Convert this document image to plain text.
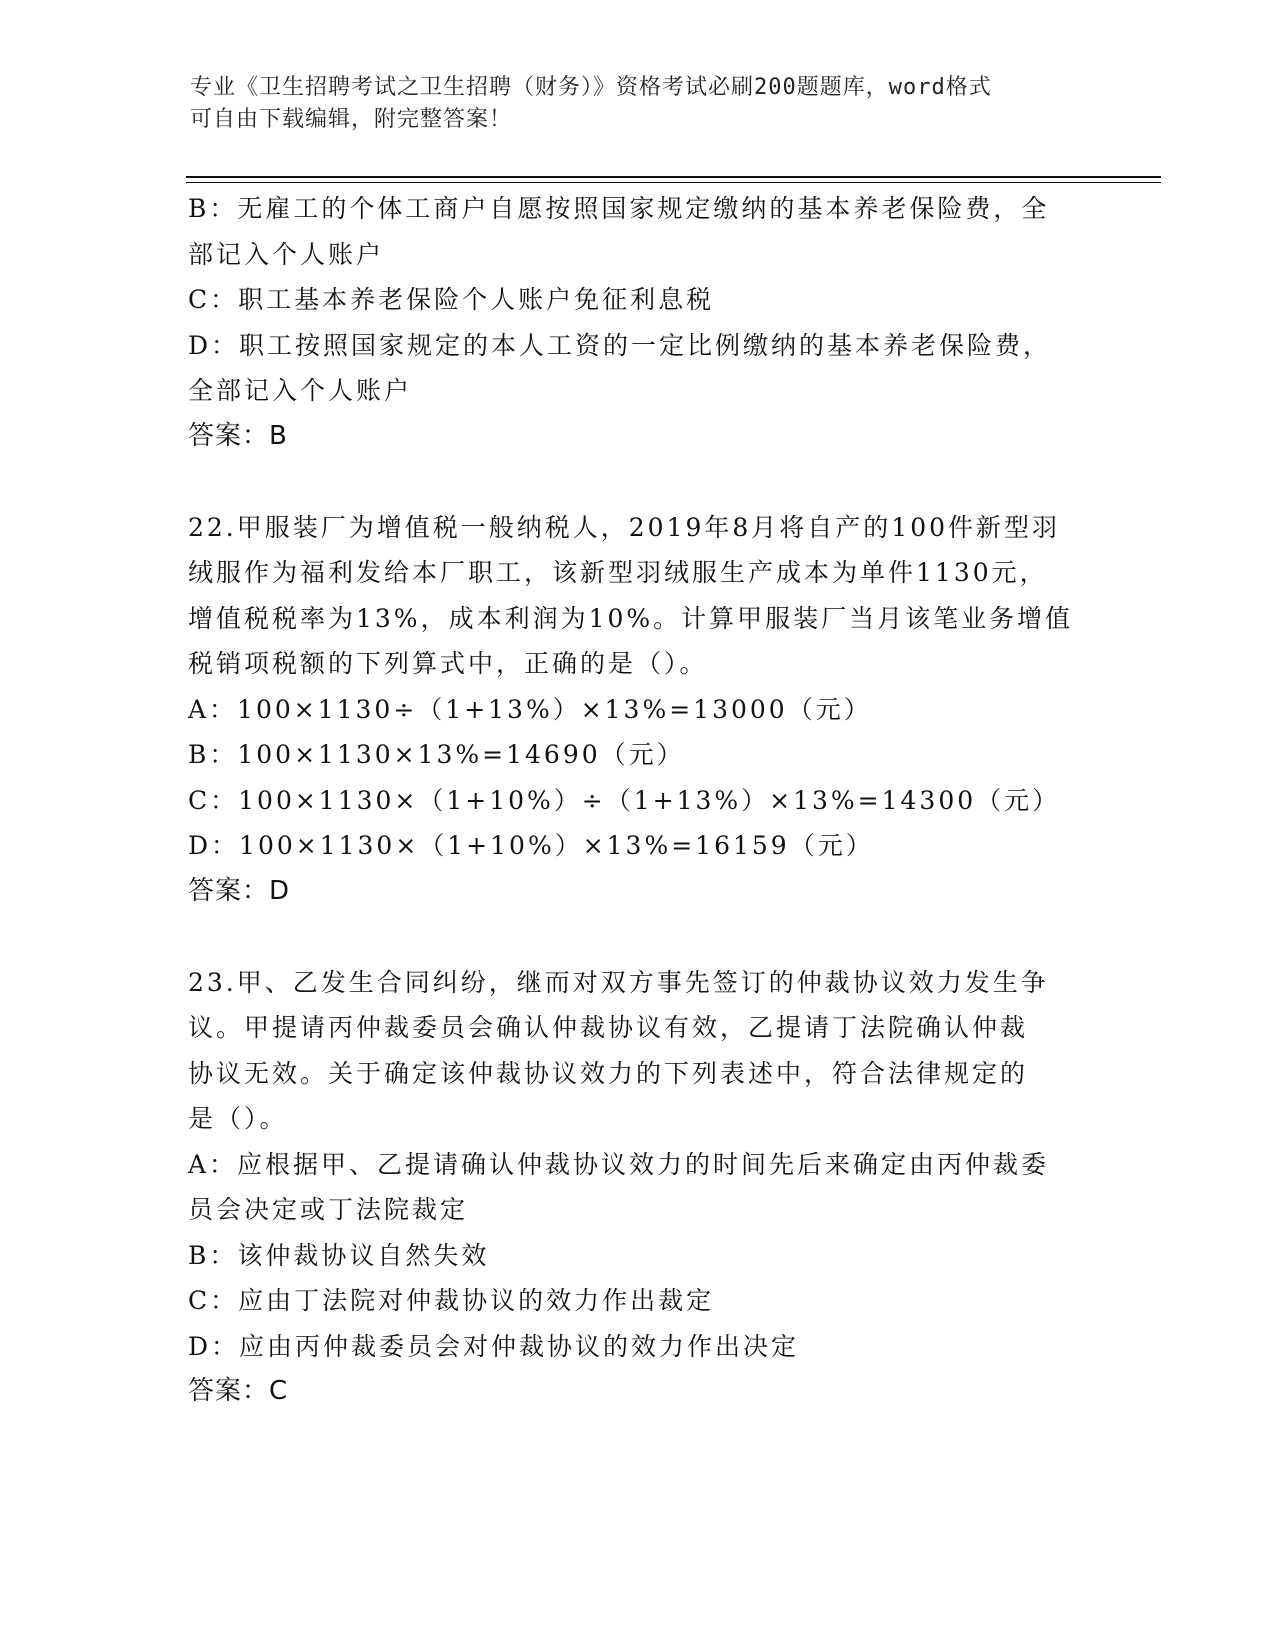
专业《卫生招聘考试之卫生招聘（财务）》资格考试必刷200题题库，word格式
可自由下载编辑，附完整答案！
B：无雇工的个体工商户自愿按照国家规定缴纳的基本养老保险费，全
部记入个人账户
C：职工基本养老保险个人账户免征利息税
D：职工按照国家规定的本人工资的一定比例缴纳的基本养老保险费，
全部记入个人账户
答案：B
22.甲服装厂为增值税一般纳税人，2019年8月将自产的100件新型羽
绒服作为福利发给本厂职工，该新型羽绒服生产成本为单件1130元，
增值税税率为13%，成本利润为10%。计算甲服装厂当月该笔业务增值
税销项税额的下列算式中，正确的是（）。
A：100×1130÷（1+13%）×13%=13000（元）
B：100×1130×13%=14690（元）
C：100×1130×（1+10%）÷（1+13%）×13%=14300（元）
D：100×1130×（1+10%）×13%=16159（元）
答案：D
23.甲、乙发生合同纠纷，继而对双方事先签订的仲裁协议效力发生争
议。甲提请丙仲裁委员会确认仲裁协议有效，乙提请丁法院确认仲裁
协议无效。关于确定该仲裁协议效力的下列表述中，符合法律规定的
是（）。
A：应根据甲、乙提请确认仲裁协议效力的时间先后来确定由丙仲裁委
员会决定或丁法院裁定
B：该仲裁协议自然失效
C：应由丁法院对仲裁协议的效力作出裁定
D：应由丙仲裁委员会对仲裁协议的效力作出决定
答案：C
